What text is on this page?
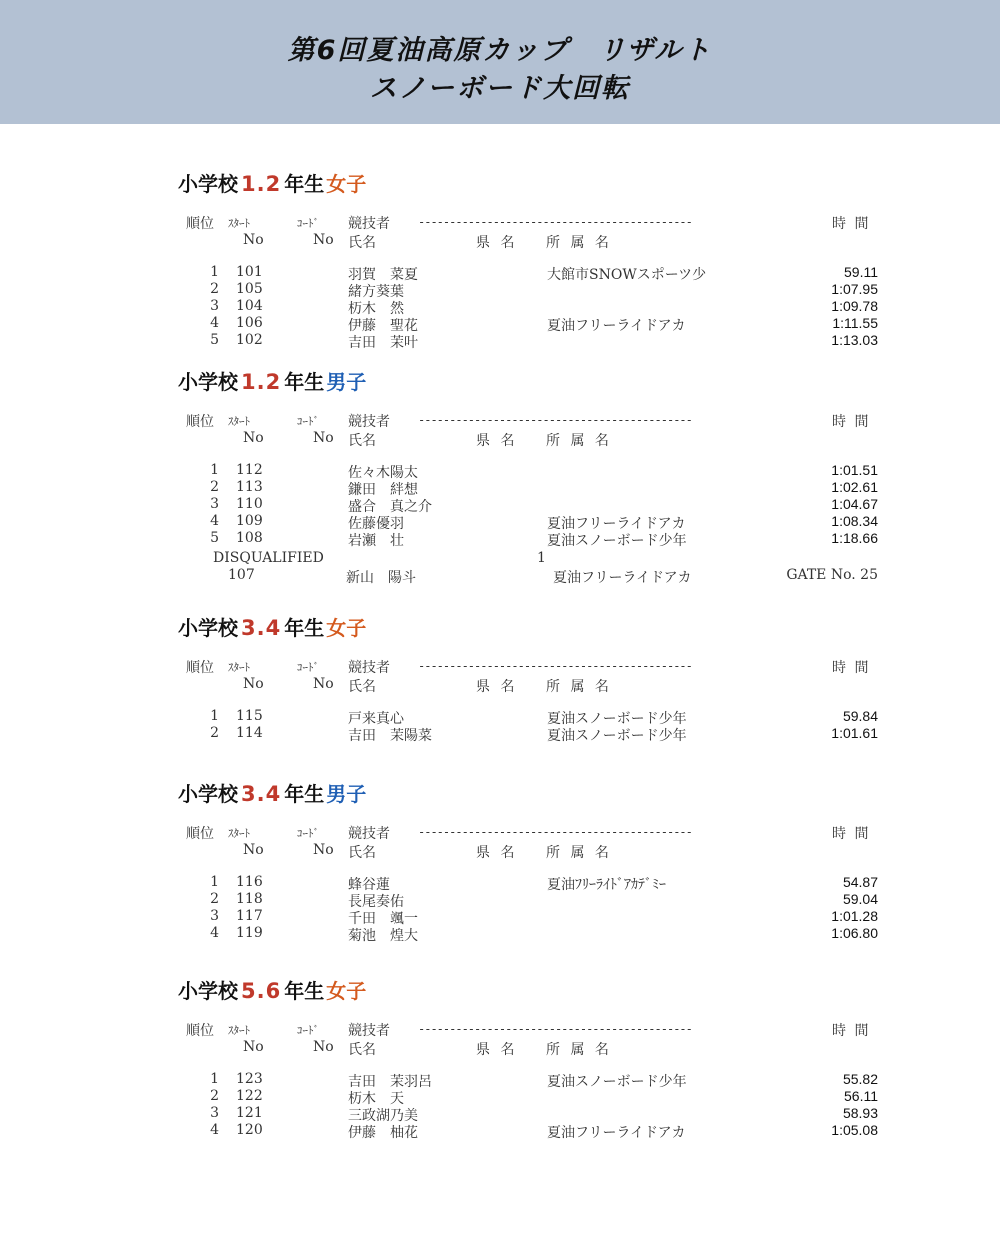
第6回夏油高原カップ　リザルト
スノーボード大回転
小学校 1.2 年生 女子
順位 ｽﾀｰﾄ	ｺｰﾄﾞ 競技者 --------------------------------------------	時 間
No	No 氏名	県 名 所 属 名
1 101	羽賀　菜夏	大館市SNOWスポーツ少	59.11
2 105	緒方葵葉	1:07.95
3 104	杤木　然	1:09.78
4 106	伊藤　聖花	夏油フリーライドアカ	1:11.55
5 102	吉田　茉叶	1:13.03
小学校 1.2 年生 男子
順位 ｽﾀｰﾄ	ｺｰﾄﾞ 競技者 --------------------------------------------	時 間
No	No 氏名	県 名 所 属 名
1 112	佐々木陽太	1:01.51
2 113	鎌田　絆想	1:02.61
3 110	盛合　真之介	1:04.67
4 109	佐藤優羽	夏油フリーライドアカ	1:08.34
5 108	岩瀬　壮	夏油スノーボード少年	1:18.66
DISQUALIFIED	1
107	新山　陽斗	夏油フリーライドアカ	GATE No. 25
小学校 3.4 年生 女子
順位 ｽﾀｰﾄ	ｺｰﾄﾞ 競技者 --------------------------------------------	時 間
No	No 氏名	県 名 所 属 名
1 115	戸来真心	夏油スノーボード少年	59.84
2 114	吉田　茉陽菜	夏油スノーボード少年	1:01.61
小学校 3.4 年生 男子
順位 ｽﾀｰﾄ	ｺｰﾄﾞ 競技者 --------------------------------------------	時 間
No	No 氏名	県 名 所 属 名
1 116	蜂谷蓮	夏油ﾌﾘｰﾗｲﾄﾞｱｶﾃﾞﾐｰ	54.87
2 118	長尾奏佑	59.04
3 117	千田　颯一	1:01.28
4 119	菊池　煌大	1:06.80
小学校 5.6 年生 女子
順位 ｽﾀｰﾄ	ｺｰﾄﾞ 競技者 --------------------------------------------	時 間
No	No 氏名	県 名 所 属 名
1 123	吉田　茉羽呂	夏油スノーボード少年	55.82
2 122	杤木　天	56.11
3 121	三政湖乃美	58.93
4 120	伊藤　柚花	夏油フリーライドアカ	1:05.08
